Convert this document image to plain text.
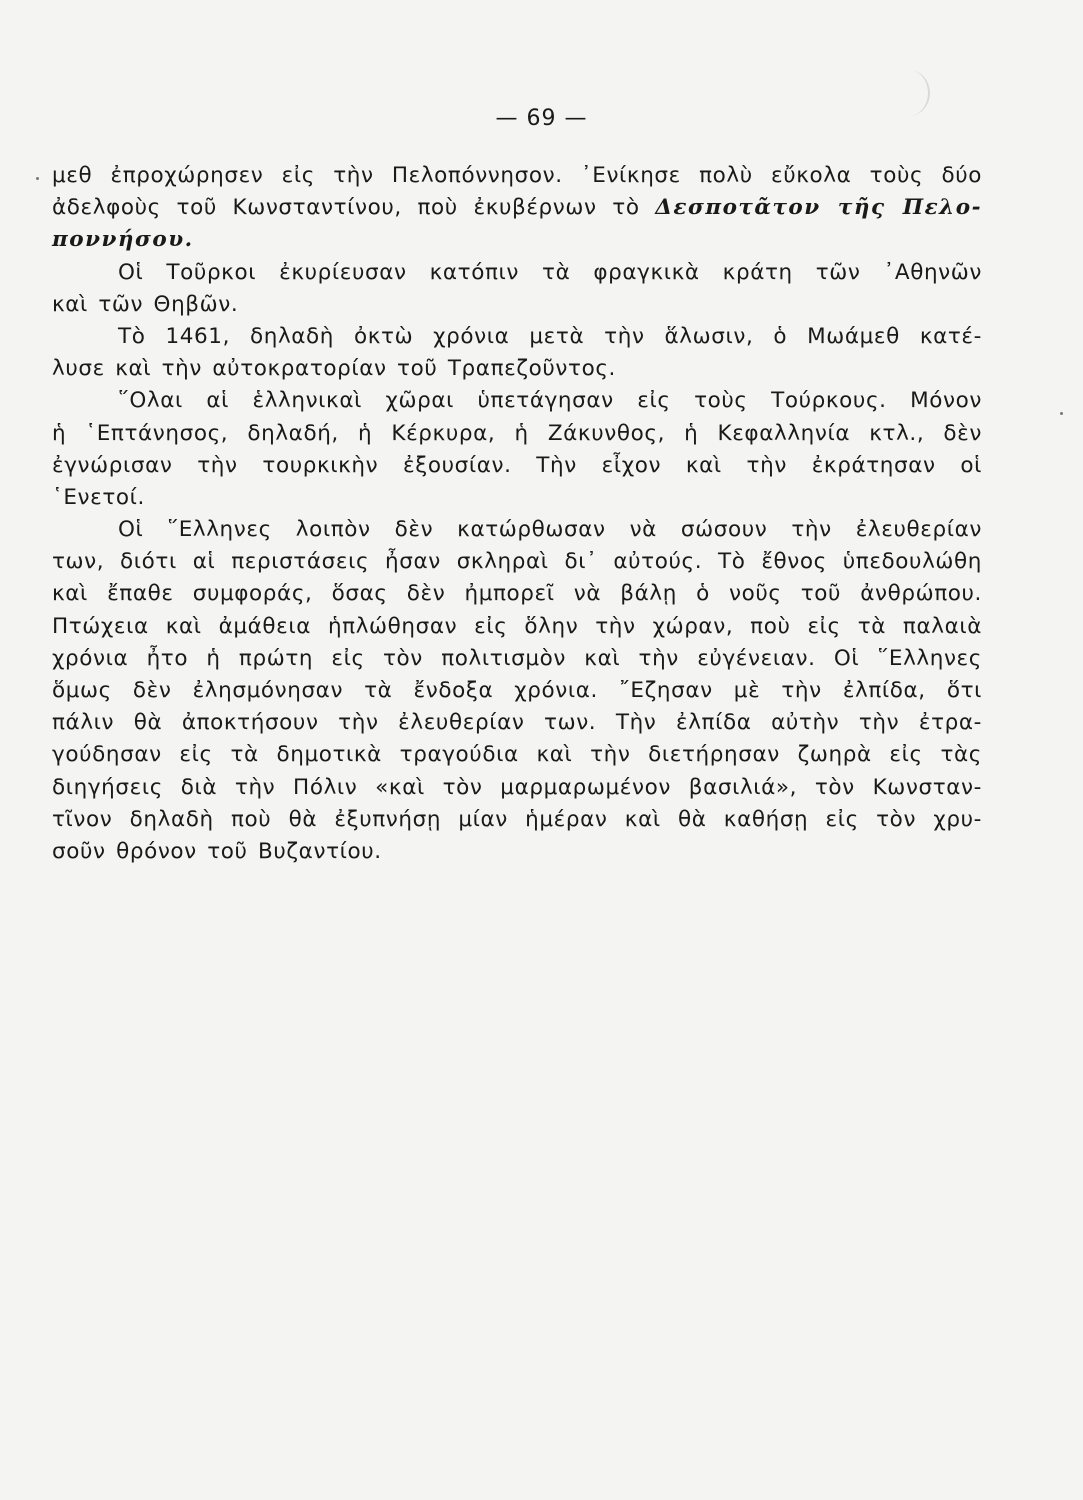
— 69 —
μεθ ἐπροχώρησεν εἰς τὴν Πελοπόννησον. ᾿Ενίκησε πολὺ εὔκολα τοὺς δύο
ἀδελφοὺς τοῦ Κωνσταντίνου, ποὺ ἐκυβέρνων τὸ Δεσποτᾶτον τῆς Πελο-
ποννήσου.
Οἱ Τοῦρκοι ἐκυρίευσαν κατόπιν τὰ φραγκικὰ κράτη τῶν ᾿Αθηνῶν
καὶ τῶν Θηβῶν.
Τὸ 1461, δηλαδὴ ὀκτὼ χρόνια μετὰ τὴν ἅλωσιν, ὁ Μωάμεθ κατέ-
λυσε καὶ τὴν αὐτοκρατορίαν τοῦ Τραπεζοῦντος.
῞Ολαι αἱ ἑλληνικαὶ χῶραι ὑπετάγησαν εἰς τοὺς Τούρκους. Μόνον
ἡ ῾Επτάνησος, δηλαδή, ἡ Κέρκυρα, ἡ Ζάκυνθος, ἡ Κεφαλληνία κτλ., δὲν
ἐγνώρισαν τὴν τουρκικὴν ἐξουσίαν. Τὴν εἶχον καὶ τὴν ἐκράτησαν οἱ
῾Ενετοί.
Οἱ ῞Ελληνες λοιπὸν δὲν κατώρθωσαν νὰ σώσουν τὴν ἐλευθερίαν
των, διότι αἱ περιστάσεις ἦσαν σκληραὶ δι᾿ αὐτούς. Τὸ ἔθνος ὑπεδουλώθη
καὶ ἔπαθε συμφοράς, ὅσας δὲν ἠμπορεῖ νὰ βάλῃ ὁ νοῦς τοῦ ἀνθρώπου.
Πτώχεια καὶ ἀμάθεια ἡπλώθησαν εἰς ὅλην τὴν χώραν, ποὺ εἰς τὰ παλαιὰ
χρόνια ἦτο ἡ πρώτη εἰς τὸν πολιτισμὸν καὶ τὴν εὐγένειαν. Οἱ ῞Ελληνες
ὅμως δὲν ἐλησμόνησαν τὰ ἔνδοξα χρόνια. ῎Εζησαν μὲ τὴν ἐλπίδα, ὅτι
πάλιν θὰ ἀποκτήσουν τὴν ἐλευθερίαν των. Τὴν ἐλπίδα αὐτὴν τὴν ἐτρα-
γούδησαν εἰς τὰ δημοτικὰ τραγούδια καὶ τὴν διετήρησαν ζωηρὰ εἰς τὰς
διηγήσεις διὰ τὴν Πόλιν «καὶ τὸν μαρμαρωμένον βασιλιά», τὸν Κωνσταν-
τῖνον δηλαδὴ ποὺ θὰ ἐξυπνήσῃ μίαν ἡμέραν καὶ θὰ καθήσῃ εἰς τὸν χρυ-
σοῦν θρόνον τοῦ Βυζαντίου.
